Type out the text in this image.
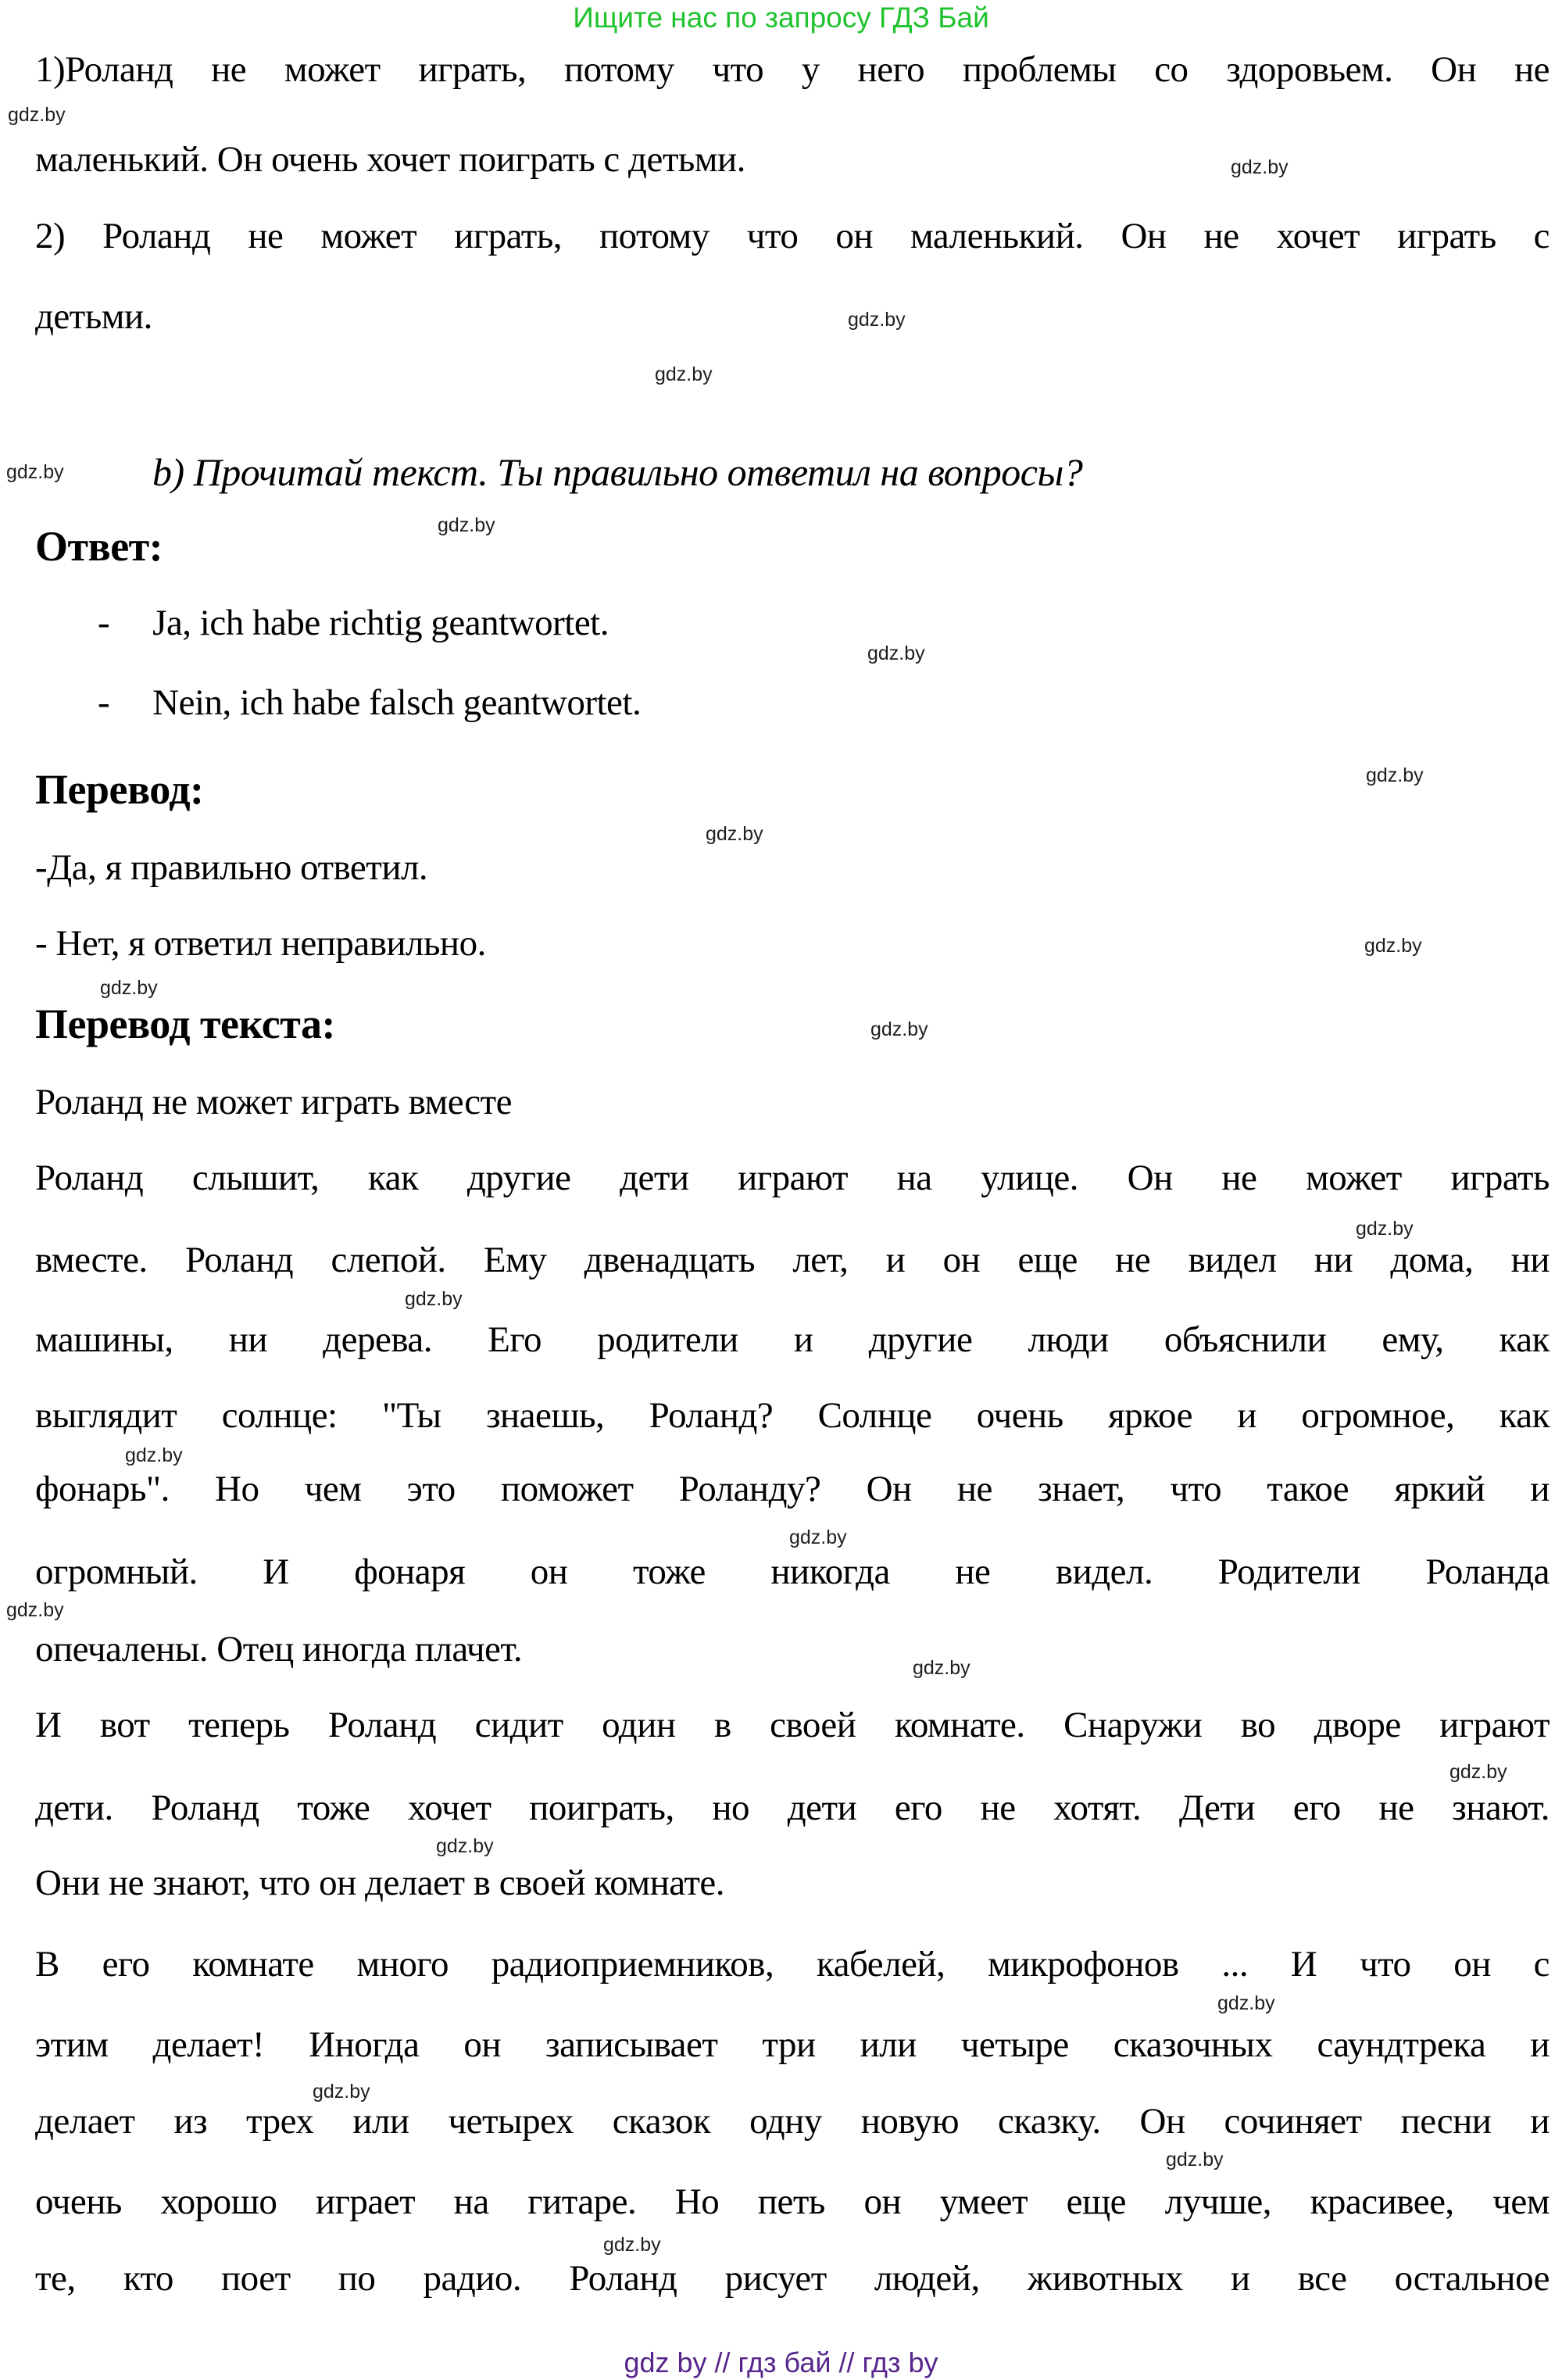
Ищите нас по запросу ГДЗ Бай
1)Роланд не может играть, потому что у него проблемы со здоровьем. Он не
маленький. Он очень хочет поиграть с детьми.
2) Роланд не может играть, потому что он маленький. Он не хочет играть с
детьми.
b) Прочитай текст. Ты правильно ответил на вопросы?
Ответ:
- Ja, ich habe richtig geantwortet.
- Nein, ich habe falsch geantwortet.
Перевод:
-Да, я правильно ответил.
- Нет, я ответил неправильно.
Перевод текста:
Роланд не может играть вместе
Роланд слышит, как другие дети играют на улице. Он не может играть
вместе. Роланд слепой. Ему двенадцать лет, и он еще не видел ни дома, ни
машины, ни дерева. Его родители и другие люди объяснили ему, как
выглядит солнце: "Ты знаешь, Роланд? Солнце очень яркое и огромное, как
фонарь". Но чем это поможет Роланду? Он не знает, что такое яркий и
огромный. И фонаря он тоже никогда не видел. Родители Роланда
опечалены. Отец иногда плачет.
И вот теперь Роланд сидит один в своей комнате. Снаружи во дворе играют
дети. Роланд тоже хочет поиграть, но дети его не хотят. Дети его не знают.
Они не знают, что он делает в своей комнате.
В его комнате много радиоприемников, кабелей, микрофонов ... И что он с
этим делает! Иногда он записывает три или четыре сказочных саундтрека и
делает из трех или четырех сказок одну новую сказку. Он сочиняет песни и
очень хорошо играет на гитаре. Но петь он умеет еще лучше, красивее, чем
те, кто поет по радио. Роланд рисует людей, животных и все остальное
gdz.by
gdz.by
gdz.by
gdz.by
gdz.by
gdz.by
gdz.by
gdz.by
gdz.by
gdz.by
gdz.by
gdz.by
gdz.by
gdz.by
gdz.by
gdz.by
gdz.by
gdz.by
gdz.by
gdz.by
gdz.by
gdz.by
gdz.by
gdz.by
gdz by // гдз бай // гдз by
